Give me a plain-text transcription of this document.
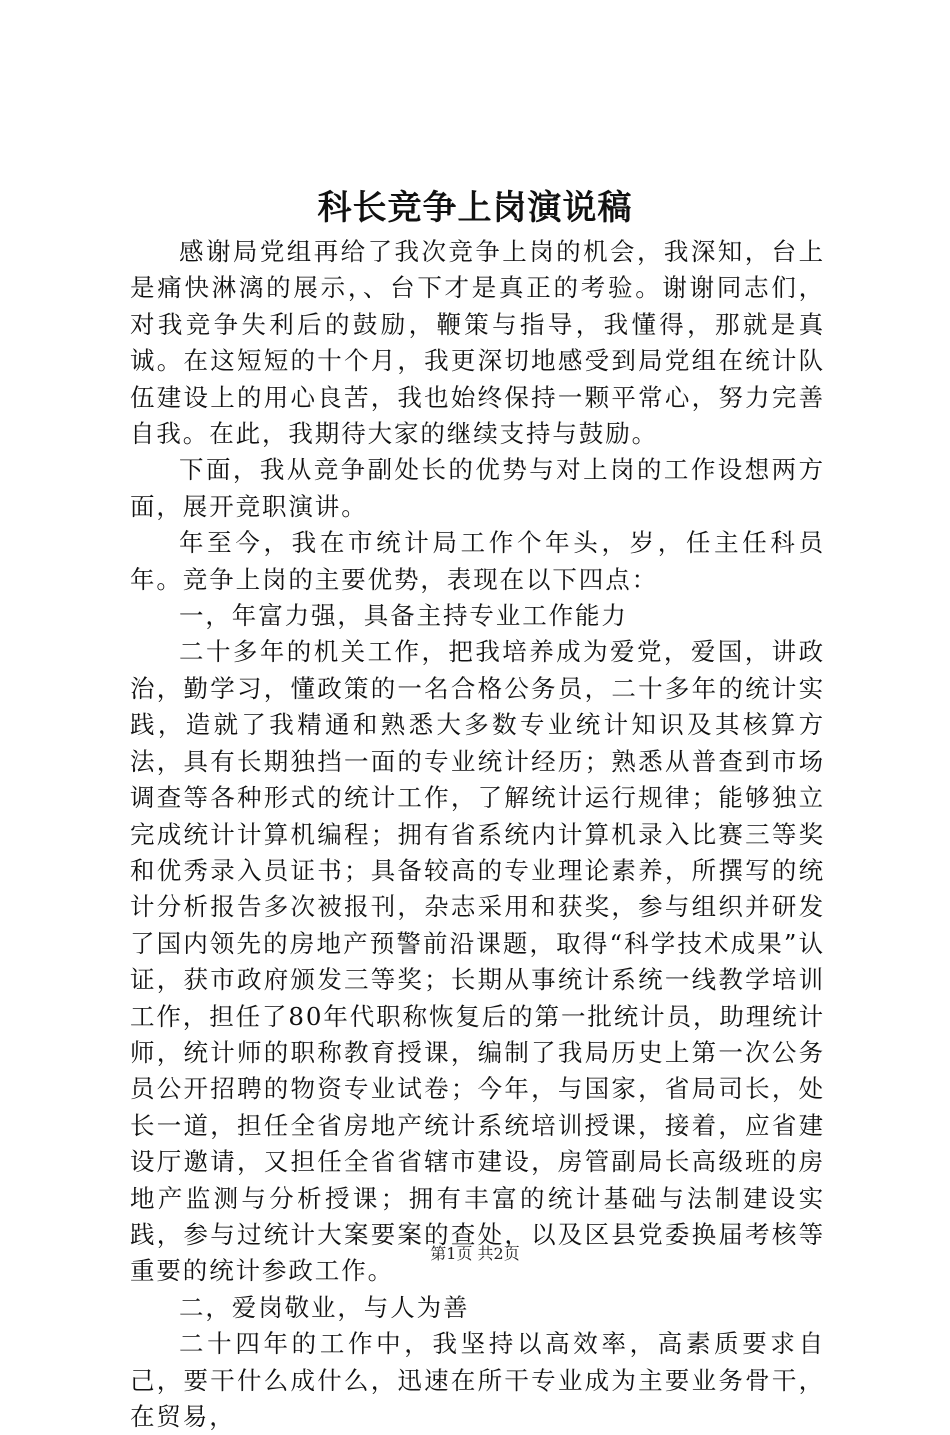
科长竞争上岗演说稿

感谢局党组再给了我次竞争上岗的机会，我深知，台上是痛快淋漓的展示，、台下才是真正的考验。谢谢同志们，对我竞争失利后的鼓励，鞭策与指导，我懂得，那就是真诚。在这短短的十个月，我更深切地感受到局党组在统计队伍建设上的用心良苦，我也始终保持一颗平常心，努力完善自我。在此，我期待大家的继续支持与鼓励。

下面，我从竞争副处长的优势与对上岗的工作设想两方面，展开竞职演讲。

年至今，我在市统计局工作个年头，岁，任主任科员年。竞争上岗的主要优势，表现在以下四点：

一，年富力强，具备主持专业工作能力

二十多年的机关工作，把我培养成为爱党，爱国，讲政治，勤学习，懂政策的一名合格公务员，二十多年的统计实践，造就了我精通和熟悉大多数专业统计知识及其核算方法，具有长期独挡一面的专业统计经历；熟悉从普查到市场调查等各种形式的统计工作，了解统计运行规律；能够独立完成统计计算机编程；拥有省系统内计算机录入比赛三等奖和优秀录入员证书；具备较高的专业理论素养，所撰写的统计分析报告多次被报刊，杂志采用和获奖，参与组织并研发了国内领先的房地产预警前沿课题，取得“科学技术成果”认证，获市政府颁发三等奖；长期从事统计系统一线教学培训工作，担任了80年代职称恢复后的第一批统计员，助理统计师，统计师的职称教育授课，编制了我局历史上第一次公务员公开招聘的物资专业试卷；今年，与国家，省局司长，处长一道，担任全省房地产统计系统培训授课，接着，应省建设厅邀请，又担任全省省辖市建设，房管副局长高级班的房地产监测与分析授课；拥有丰富的统计基础与法制建设实践，参与过统计大案要案的查处，以及区县党委换届考核等重要的统计参政工作。

二，爱岗敬业，与人为善

二十四年的工作中，我坚持以高效率，高素质要求自己，要干什么成什么，迅速在所干专业成为主要业务骨干，在贸易，

第1页 共2页
